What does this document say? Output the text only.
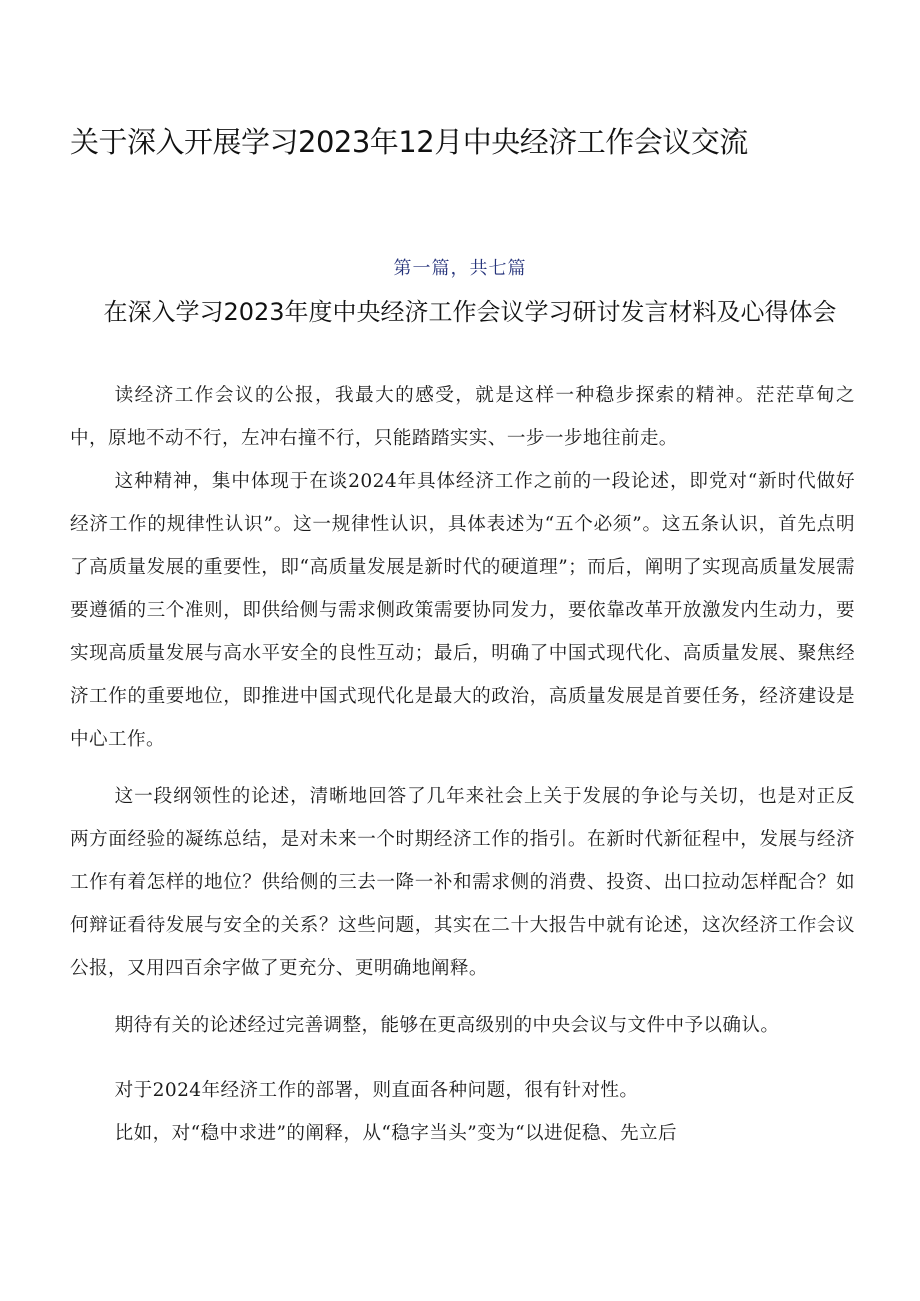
关于深入开展学习2023年12月中央经济工作会议交流
第一篇，共七篇
在深入学习2023年度中央经济工作会议学习研讨发言材料及心得体会

读经济工作会议的公报，我最大的感受，就是这样一种稳步探索的精神。茫茫草甸之中，原地不动不行，左冲右撞不行，只能踏踏实实、一步一步地往前走。

这种精神，集中体现于在谈2024年具体经济工作之前的一段论述，即党对“新时代做好经济工作的规律性认识”。这一规律性认识，具体表述为“五个必须”。这五条认识，首先点明了高质量发展的重要性，即“高质量发展是新时代的硬道理”；而后，阐明了实现高质量发展需要遵循的三个准则，即供给侧与需求侧政策需要协同发力，要依靠改革开放激发内生动力，要实现高质量发展与高水平安全的良性互动；最后，明确了中国式现代化、高质量发展、聚焦经济工作的重要地位，即推进中国式现代化是最大的政治，高质量发展是首要任务，经济建设是中心工作。

这一段纲领性的论述，清晰地回答了几年来社会上关于发展的争论与关切，也是对正反两方面经验的凝练总结，是对未来一个时期经济工作的指引。在新时代新征程中，发展与经济工作有着怎样的地位？供给侧的三去一降一补和需求侧的消费、投资、出口拉动怎样配合？如何辩证看待发展与安全的关系？这些问题，其实在二十大报告中就有论述，这次经济工作会议公报，又用四百余字做了更充分、更明确地阐释。

期待有关的论述经过完善调整，能够在更高级别的中央会议与文件中予以确认。

对于2024年经济工作的部署，则直面各种问题，很有针对性。

比如，对“稳中求进”的阐释，从“稳字当头”变为“以进促稳、先立后
